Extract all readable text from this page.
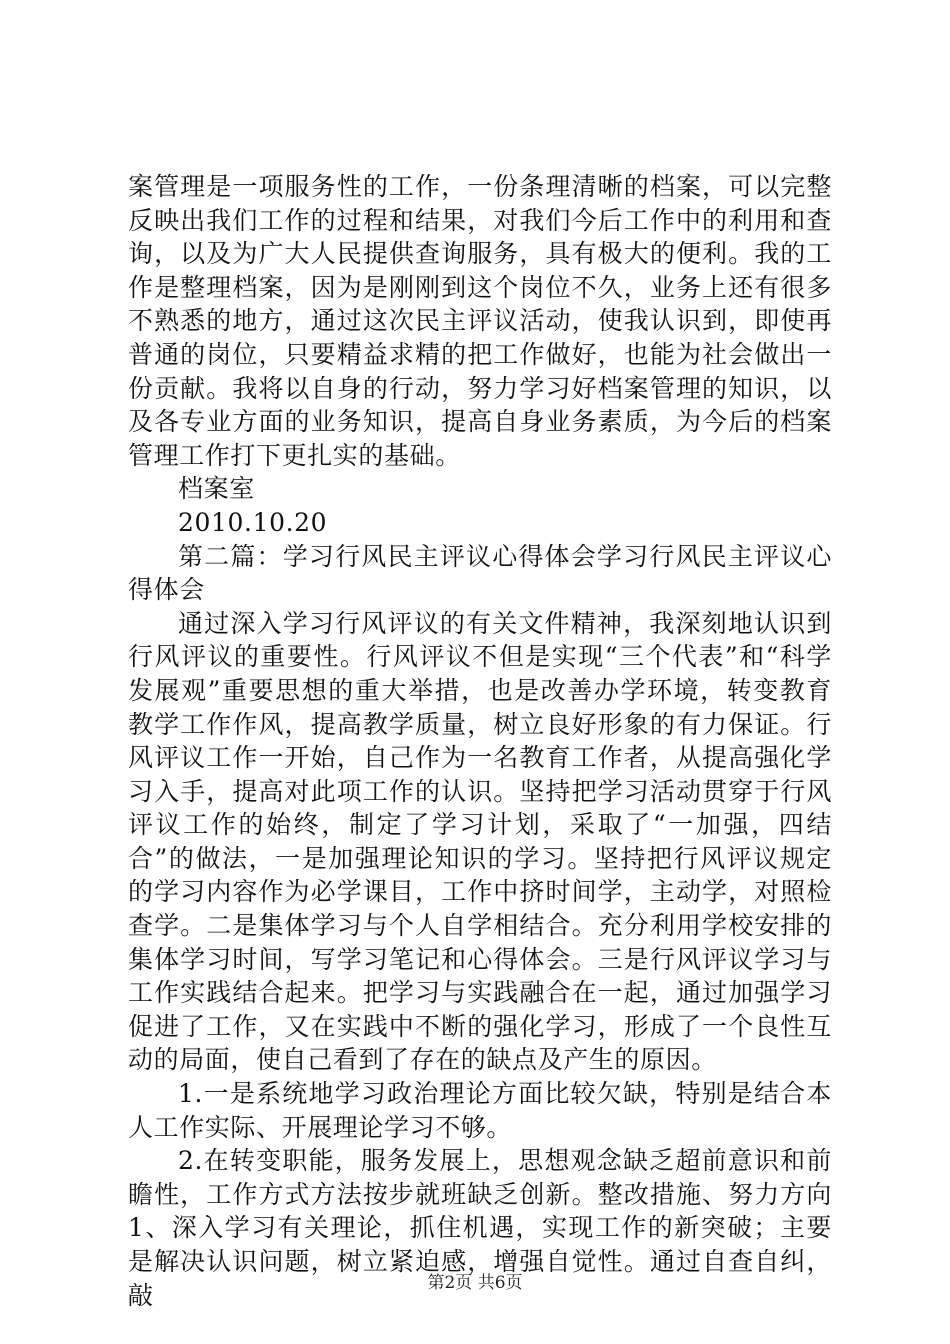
案管理是一项服务性的工作，一份条理清晰的档案，可以完整反映出我们工作的过程和结果，对我们今后工作中的利用和查询，以及为广大人民提供查询服务，具有极大的便利。我的工作是整理档案，因为是刚刚到这个岗位不久，业务上还有很多不熟悉的地方，通过这次民主评议活动，使我认识到，即使再普通的岗位，只要精益求精的把工作做好，也能为社会做出一份贡献。我将以自身的行动，努力学习好档案管理的知识，以及各专业方面的业务知识，提高自身业务素质，为今后的档案管理工作打下更扎实的基础。

档案室

2010.10.20

第二篇：学习行风民主评议心得体会学习行风民主评议心得体会

通过深入学习行风评议的有关文件精神，我深刻地认识到行风评议的重要性。行风评议不但是实现“三个代表”和“科学发展观”重要思想的重大举措，也是改善办学环境，转变教育教学工作作风，提高教学质量，树立良好形象的有力保证。行风评议工作一开始，自己作为一名教育工作者，从提高强化学习入手，提高对此项工作的认识。坚持把学习活动贯穿于行风评议工作的始终，制定了学习计划，采取了“一加强，四结合”的做法，一是加强理论知识的学习。坚持把行风评议规定的学习内容作为必学课目，工作中挤时间学，主动学，对照检查学。二是集体学习与个人自学相结合。充分利用学校安排的集体学习时间，写学习笔记和心得体会。三是行风评议学习与工作实践结合起来。把学习与实践融合在一起，通过加强学习促进了工作，又在实践中不断的强化学习，形成了一个良性互动的局面，使自己看到了存在的缺点及产生的原因。

1.一是系统地学习政治理论方面比较欠缺，特别是结合本人工作实际、开展理论学习不够。

2.在转变职能，服务发展上，思想观念缺乏超前意识和前瞻性，工作方式方法按步就班缺乏创新。整改措施、努力方向1、深入学习有关理论，抓住机遇，实现工作的新突破；主要是解决认识问题，树立紧迫感，增强自觉性。通过自查自纠，敲	第2页 共6页
